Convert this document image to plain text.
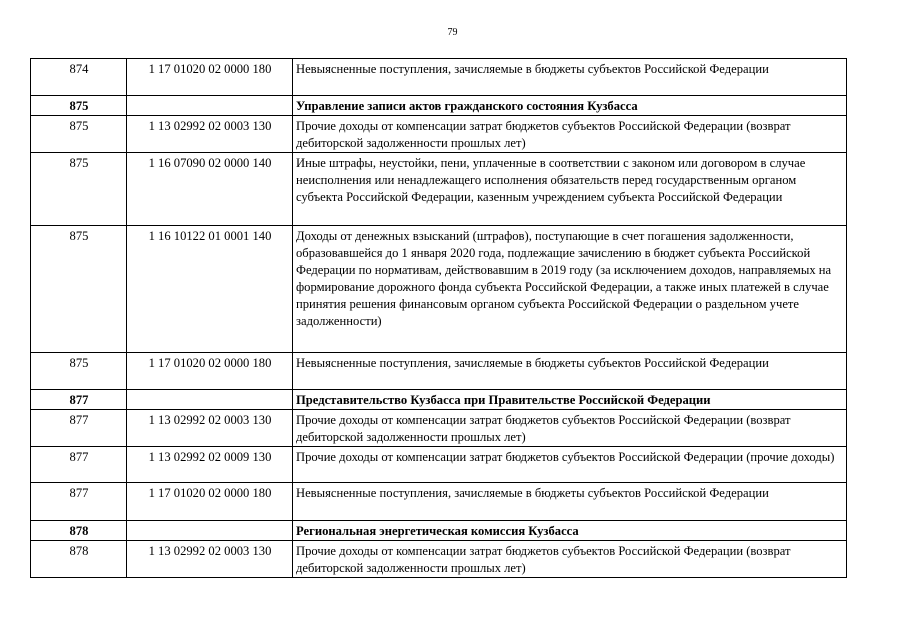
79
874	1 17 01020 02 0000 180	Невыясненные поступления, зачисляемые в бюджеты субъектов Российской Федерации
875		Управление записи актов гражданского состояния Кузбасса
875	1 13 02992 02 0003 130	Прочие доходы от компенсации затрат бюджетов субъектов Российской Федерации (возврат дебиторской задолженности прошлых лет)
875	1 16 07090 02 0000 140	Иные штрафы, неустойки, пени, уплаченные в соответствии с законом или договором в случае неисполнения или ненадлежащего исполнения обязательств перед государственным органом субъекта Российской Федерации, казенным учреждением субъекта Российской Федерации
875	1 16 10122 01 0001 140	Доходы от денежных взысканий (штрафов), поступающие в счет погашения задолженности, образовавшейся до 1 января 2020 года, подлежащие зачислению в бюджет субъекта Российской Федерации по нормативам, действовавшим в 2019 году (за исключением доходов, направляемых на формирование дорожного фонда субъекта Российской Федерации, а также иных платежей в случае принятия решения финансовым органом субъекта Российской Федерации о раздельном учете задолженности)
875	1 17 01020 02 0000 180	Невыясненные поступления, зачисляемые в бюджеты субъектов Российской Федерации
877		Представительство Кузбасса при Правительстве Российской Федерации
877	1 13 02992 02 0003 130	Прочие доходы от компенсации затрат бюджетов субъектов Российской Федерации (возврат дебиторской задолженности прошлых лет)
877	1 13 02992 02 0009 130	Прочие доходы от компенсации затрат бюджетов субъектов Российской Федерации (прочие доходы)
877	1 17 01020 02 0000 180	Невыясненные поступления, зачисляемые в бюджеты субъектов Российской Федерации
878		Региональная энергетическая комиссия Кузбасса
878	1 13 02992 02 0003 130	Прочие доходы от компенсации затрат бюджетов субъектов Российской Федерации (возврат дебиторской задолженности прошлых лет)
